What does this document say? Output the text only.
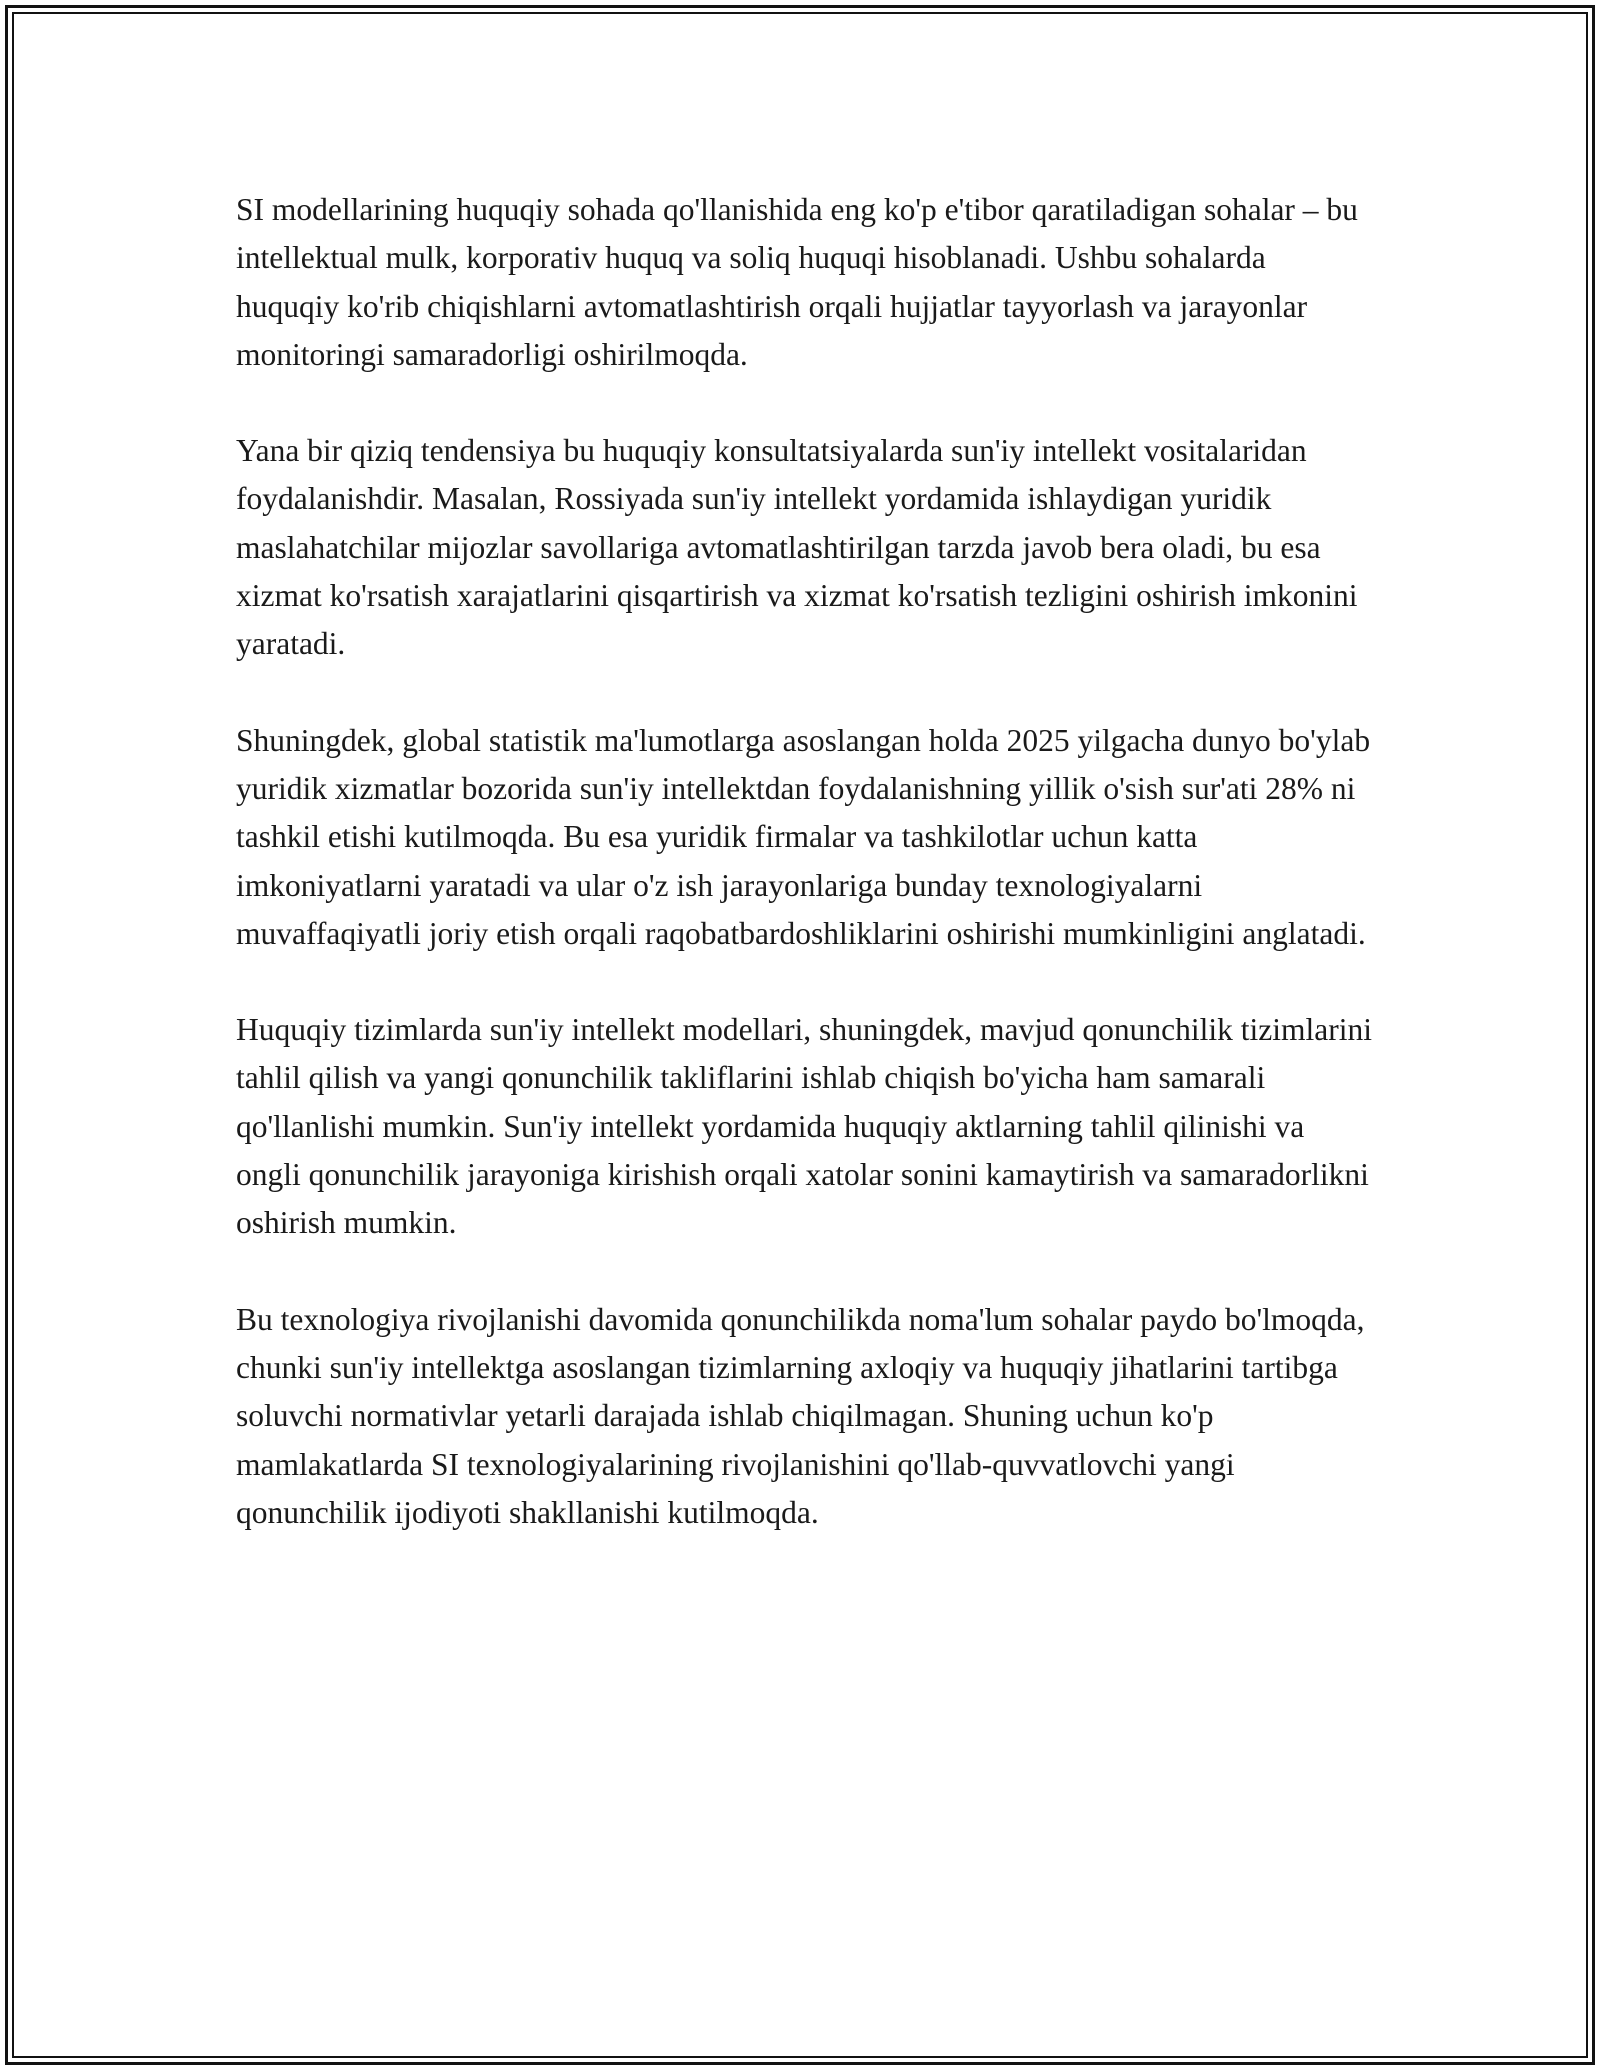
SI modellarining huquqiy sohada qo'llanishida eng ko'p e'tibor qaratiladigan sohalar – bu intellektual mulk, korporativ huquq va soliq huquqi hisoblanadi. Ushbu sohalarda huquqiy ko'rib chiqishlarni avtomatlashtirish orqali hujjatlar tayyorlash va jarayonlar monitoringi samaradorligi oshirilmoqda.

Yana bir qiziq tendensiya bu huquqiy konsultatsiyalarda sun'iy intellekt vositalaridan foydalanishdir. Masalan, Rossiyada sun'iy intellekt yordamida ishlaydigan yuridik maslahatchilar mijozlar savollariga avtomatlashtirilgan tarzda javob bera oladi, bu esa xizmat ko'rsatish xarajatlarini qisqartirish va xizmat ko'rsatish tezligini oshirish imkonini yaratadi.

Shuningdek, global statistik ma'lumotlarga asoslangan holda 2025 yilgacha dunyo bo'ylab yuridik xizmatlar bozorida sun'iy intellektdan foydalanishning yillik o'sish sur'ati 28% ni tashkil etishi kutilmoqda. Bu esa yuridik firmalar va tashkilotlar uchun katta imkoniyatlarni yaratadi va ular o'z ish jarayonlariga bunday texnologiyalarni muvaffaqiyatli joriy etish orqali raqobatbardoshliklarini oshirishi mumkinligini anglatadi.

Huquqiy tizimlarda sun'iy intellekt modellari, shuningdek, mavjud qonunchilik tizimlarini tahlil qilish va yangi qonunchilik takliflarini ishlab chiqish bo'yicha ham samarali qo'llanlishi mumkin. Sun'iy intellekt yordamida huquqiy aktlarning tahlil qilinishi va ongli qonunchilik jarayoniga kirishish orqali xatolar sonini kamaytirish va samaradorlikni oshirish mumkin.

Bu texnologiya rivojlanishi davomida qonunchilikda noma'lum sohalar paydo bo'lmoqda, chunki sun'iy intellektga asoslangan tizimlarning axloqiy va huquqiy jihatlarini tartibga soluvchi normativlar yetarli darajada ishlab chiqilmagan. Shuning uchun ko'p mamlakatlarda SI texnologiyalarining rivojlanishini qo'llab-quvvatlovchi yangi qonunchilik ijodiyoti shakllanishi kutilmoqda.
